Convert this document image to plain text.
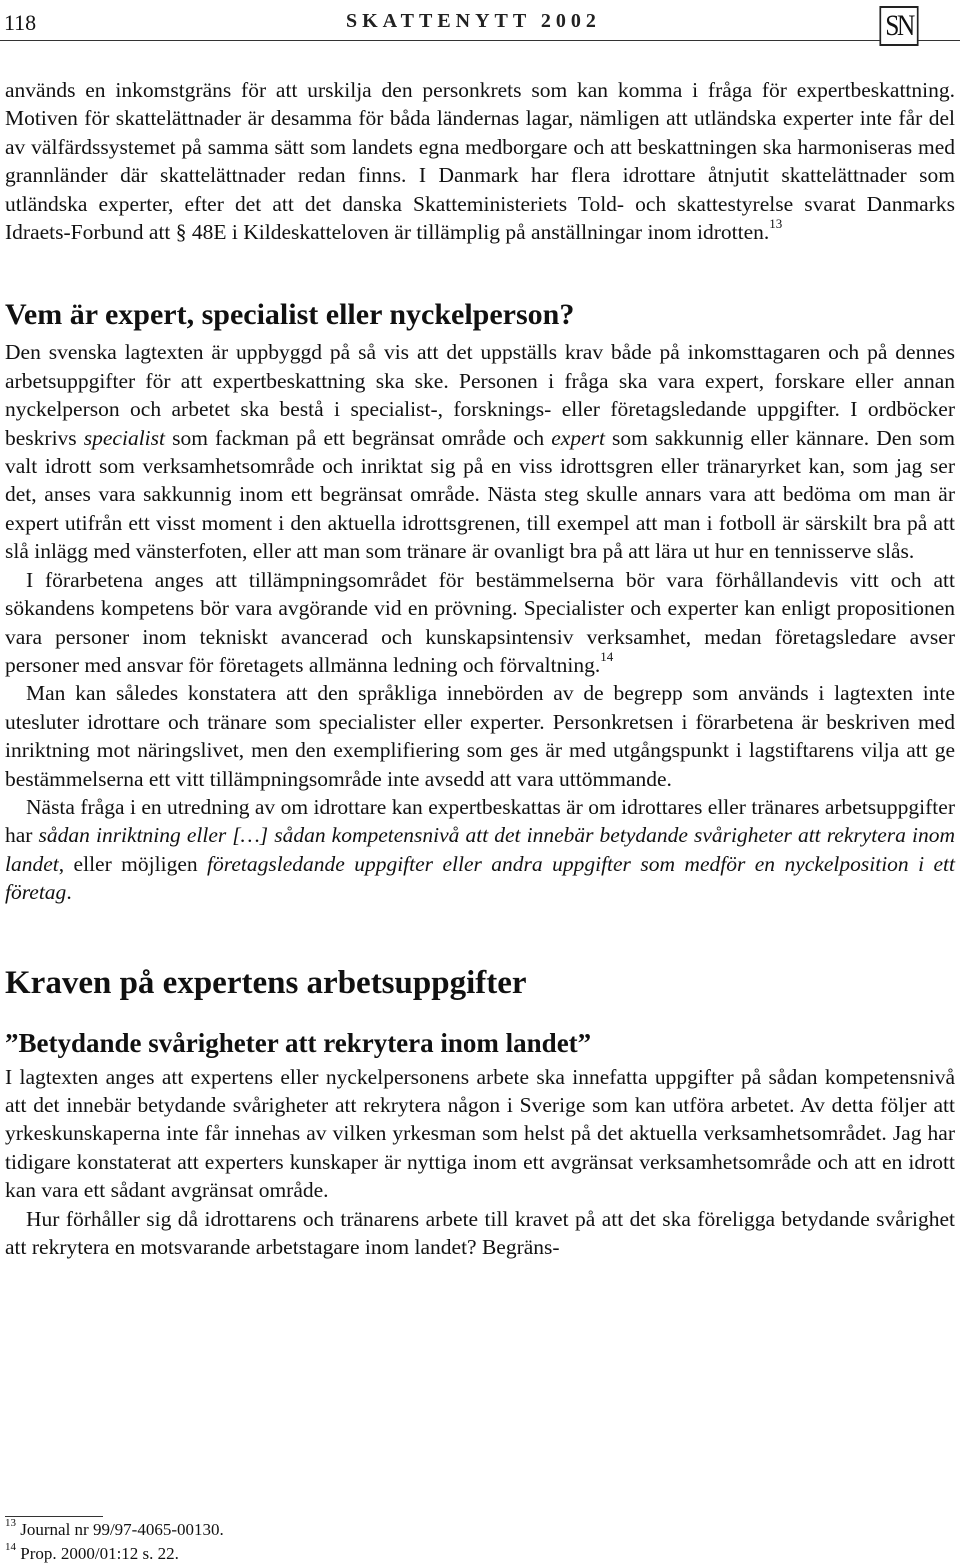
118	SKATTENYTT 2002	SN

används en inkomstgräns för att urskilja den personkrets som kan komma i fråga för expertbeskattning. Motiven för skattelättnader är desamma för båda ländernas lagar, nämligen att utländska experter inte får del av välfärdssystemet på samma sätt som landets egna medborgare och att beskattningen ska harmoniseras med grannländer där skattelättnader redan finns. I Danmark har flera idrottare åtnjutit skattelättnader som utländska experter, efter det att det danska Skatteministeriets Told- och skattestyrelse svarat Danmarks Idraets-Forbund att § 48E i Kildeskatteloven är tillämplig på anställningar inom idrotten.$^{13}$

Vem är expert, specialist eller nyckelperson?

Den svenska lagtexten är uppbyggd på så vis att det uppställs krav både på inkomsttagaren och på dennes arbetsuppgifter för att expertbeskattning ska ske. Personen i fråga ska vara expert, forskare eller annan nyckelperson och arbetet ska bestå i specialist-, forsknings- eller företagsledande uppgifter. I ordböcker beskrivs specialist som fackman på ett begränsat område och expert som sakkunnig eller kännare. Den som valt idrott som verksamhetsområde och inriktat sig på en viss idrottsgren eller tränaryrket kan, som jag ser det, anses vara sakkunnig inom ett begränsat område. Nästa steg skulle annars vara att bedöma om man är expert utifrån ett visst moment i den aktuella idrottsgrenen, till exempel att man i fotboll är särskilt bra på att slå inlägg med vänsterfoten, eller att man som tränare är ovanligt bra på att lära ut hur en tennisserve slås.

I förarbetena anges att tillämpningsområdet för bestämmelserna bör vara förhållandevis vitt och att sökandens kompetens bör vara avgörande vid en prövning. Specialister och experter kan enligt propositionen vara personer inom tekniskt avancerad och kunskapsintensiv verksamhet, medan företagsledare avser personer med ansvar för företagets allmänna ledning och förvaltning.$^{14}$

Man kan således konstatera att den språkliga innebörden av de begrepp som används i lagtexten inte utesluter idrottare och tränare som specialister eller experter. Personkretsen i förarbetena är beskriven med inriktning mot näringslivet, men den exemplifiering som ges är med utgångspunkt i lagstiftarens vilja att ge bestämmelserna ett vitt tillämpningsområde inte avsedd att vara uttömmande.

Nästa fråga i en utredning av om idrottare kan expertbeskattas är om idrottares eller tränares arbetsuppgifter har sådan inriktning eller […] sådan kompetensnivå att det innebär betydande svårigheter att rekrytera inom landet, eller möjligen företagsledande uppgifter eller andra uppgifter som medför en nyckelposition i ett företag.

Kraven på expertens arbetsuppgifter
”Betydande svårigheter att rekrytera inom landet”

I lagtexten anges att expertens eller nyckelpersonens arbete ska innefatta uppgifter på sådan kompetensnivå att det innebär betydande svårigheter att rekrytera någon i Sverige som kan utföra arbetet. Av detta följer att yrkeskunskaperna inte får innehas av vilken yrkesman som helst på det aktuella verksamhetsområdet. Jag har tidigare konstaterat att experters kunskaper är nyttiga inom ett avgränsat verksamhetsområde och att en idrott kan vara ett sådant avgränsat område.

Hur förhåller sig då idrottarens och tränarens arbete till kravet på att det ska föreligga betydande svårighet att rekrytera en motsvarande arbetstagare inom landet? Begräns-

$^{13}$ Journal nr 99/97-4065-00130.
$^{14}$ Prop. 2000/01:12 s. 22.
